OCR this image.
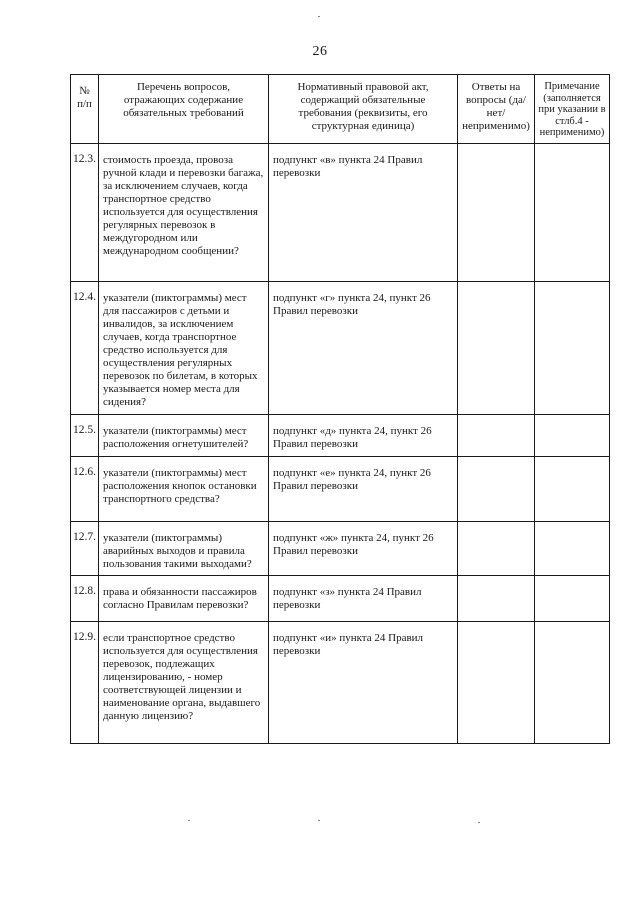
26
№
п/п	Перечень вопросов, отражающих содержание обязательных требований	Нормативный правовой акт, содержащий обязательные требования (реквизиты, его структурная единица)	Ответы на вопросы (да/нет/ неприменимо)	Примечание (заполняется при указании в стлб.4 - неприменимо)
12.3.	стоимость проезда, провоза ручной клади и перевозки багажа, за исключением случаев, когда транспортное средство используется для осуществления регулярных перевозок в междугородном или международном сообщении?	подпункт «в» пункта 24 Правил перевозки		
12.4.	указатели (пиктограммы) мест для пассажиров с детьми и инвалидов, за исключением случаев, когда транспортное средство используется для осуществления регулярных перевозок по билетам, в которых указывается номер места для сидения?	подпункт «г» пункта 24, пункт 26 Правил перевозки		
12.5.	указатели (пиктограммы) мест расположения огнетушителей?	подпункт «д» пункта 24, пункт 26 Правил перевозки		
12.6.	указатели (пиктограммы) мест расположения кнопок остановки транспортного средства?	подпункт «е» пункта 24, пункт 26 Правил перевозки		
12.7.	указатели (пиктограммы) аварийных выходов и правила пользования такими выходами?	подпункт «ж» пункта 24, пункт 26 Правил перевозки		
12.8.	права и обязанности пассажиров согласно Правилам перевозки?	подпункт «з» пункта 24 Правил перевозки		
12.9.	если транспортное средство используется для осуществления перевозок, подлежащих лицензированию, - номер соответствующей лицензии и наименование органа, выдавшего данную лицензию?	подпункт «и» пункта 24 Правил перевозки		
